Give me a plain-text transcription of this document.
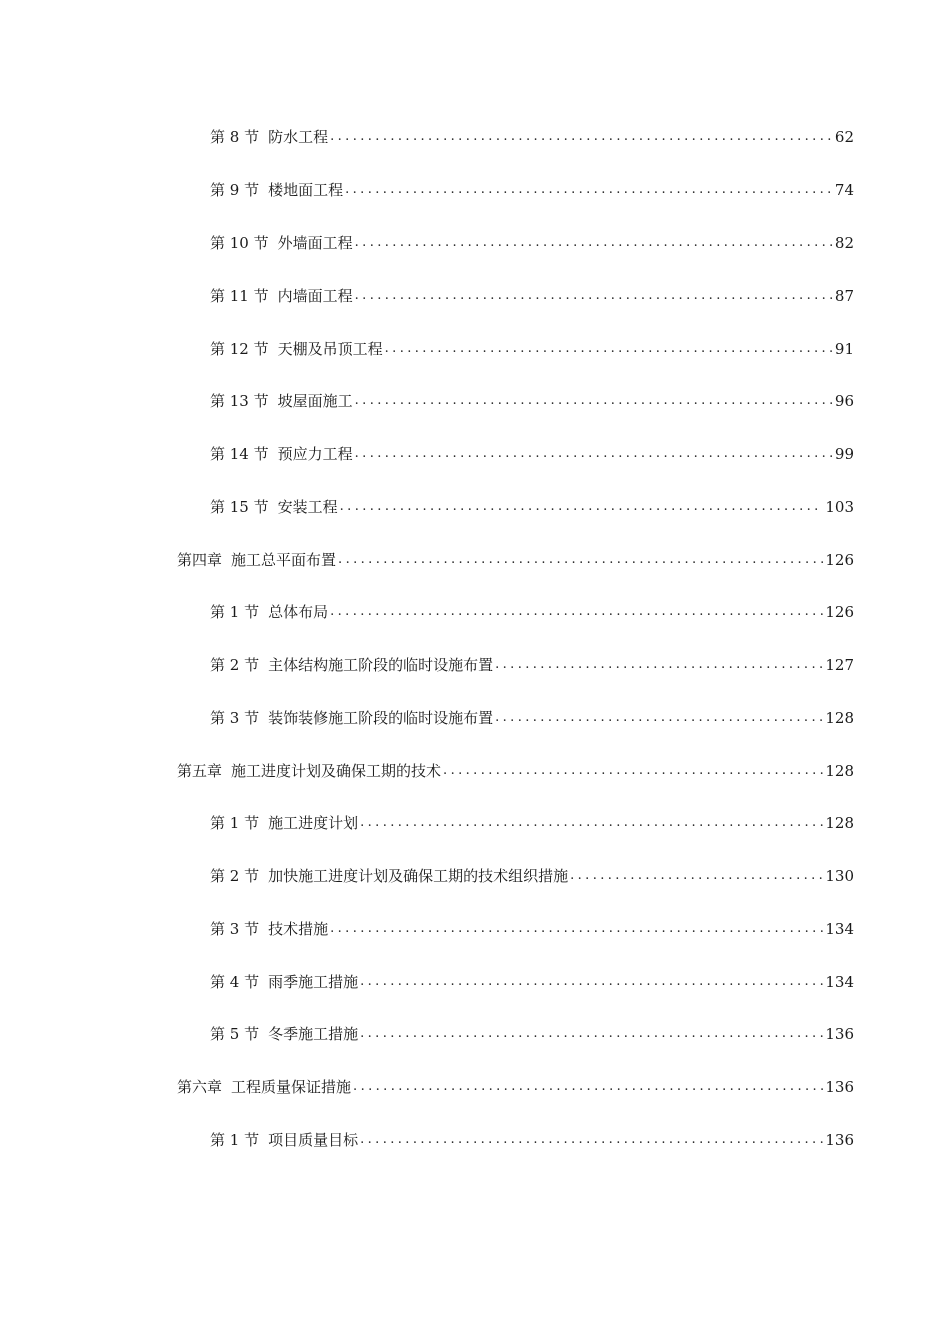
第 8 节 防水工程 .....	62
第 9 节 楼地面工程 .....	74
第 10 节 外墙面工程 .....	82
第 11 节 内墙面工程 .....	87
第 12 节 天棚及吊顶工程 .....	91
第 13 节 坡屋面施工 .....	96
第 14 节 预应力工程 .....	99
第 15 节 安装工程 .....	103
第四章 施工总平面布置 .....	126
第 1 节 总体布局 .....	126
第 2 节 主体结构施工阶段的临时设施布置 .....	127
第 3 节 装饰装修施工阶段的临时设施布置 .....	128
第五章 施工进度计划及确保工期的技术 .....	128
第 1 节 施工进度计划 .....	128
第 2 节 加快施工进度计划及确保工期的技术组织措施 .....	130
第 3 节 技术措施 .....	134
第 4 节 雨季施工措施 .....	134
第 5 节 冬季施工措施 .....	136
第六章 工程质量保证措施 .....	136
第 1 节 项目质量目标 .....	136
